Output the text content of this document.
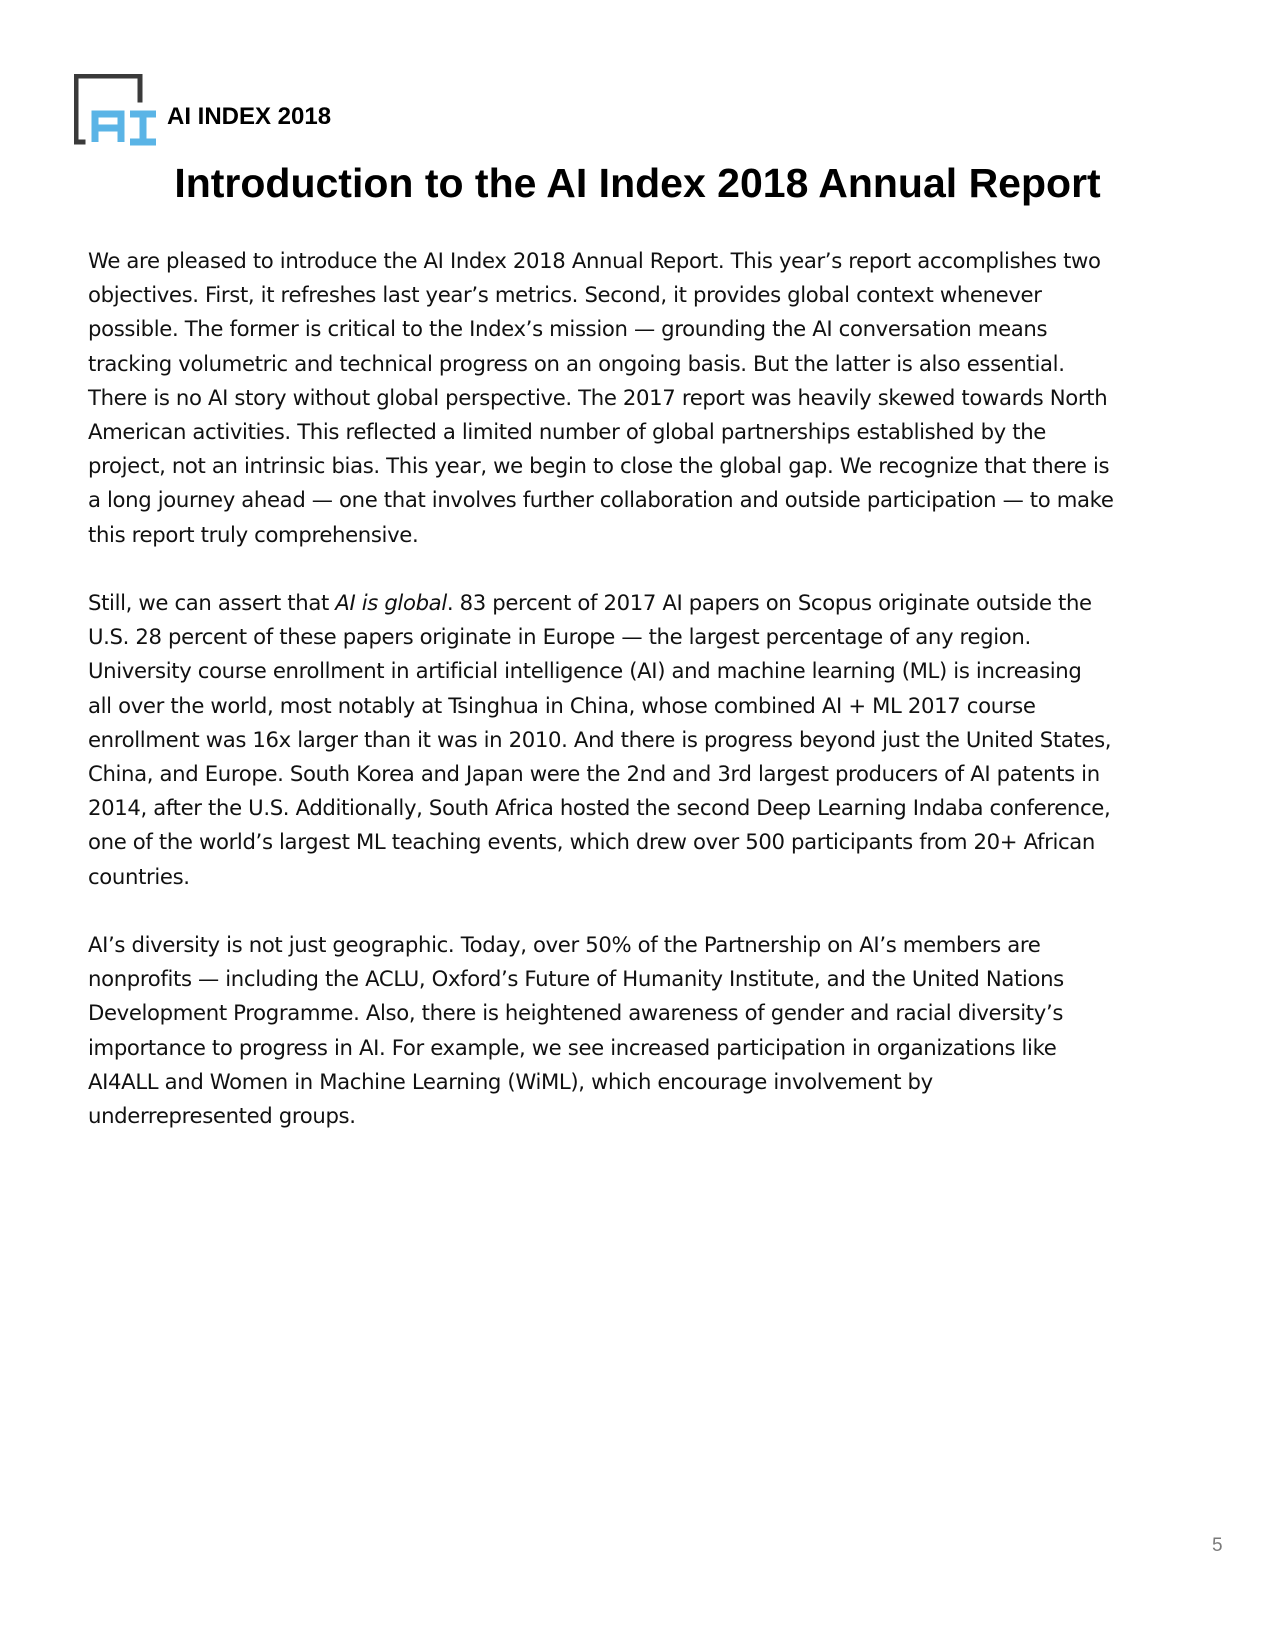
AI INDEX 2018
Introduction to the AI Index 2018 Annual Report

We are pleased to introduce the AI Index 2018 Annual Report. This year’s report accomplishes two
objectives. First, it refreshes last year’s metrics. Second, it provides global context whenever
possible. The former is critical to the Index’s mission — grounding the AI conversation means
tracking volumetric and technical progress on an ongoing basis. But the latter is also essential.
There is no AI story without global perspective. The 2017 report was heavily skewed towards North
American activities. This reflected a limited number of global partnerships established by the
project, not an intrinsic bias. This year, we begin to close the global gap. We recognize that there is
a long journey ahead — one that involves further collaboration and outside participation — to make
this report truly comprehensive.

Still, we can assert that AI is global. 83 percent of 2017 AI papers on Scopus originate outside the
U.S. 28 percent of these papers originate in Europe — the largest percentage of any region.
University course enrollment in artificial intelligence (AI) and machine learning (ML) is increasing
all over the world, most notably at Tsinghua in China, whose combined AI + ML 2017 course
enrollment was 16x larger than it was in 2010. And there is progress beyond just the United States,
China, and Europe. South Korea and Japan were the 2nd and 3rd largest producers of AI patents in
2014, after the U.S. Additionally, South Africa hosted the second Deep Learning Indaba conference,
one of the world’s largest ML teaching events, which drew over 500 participants from 20+ African
countries.

AI’s diversity is not just geographic. Today, over 50% of the Partnership on AI’s members are
nonprofits — including the ACLU, Oxford’s Future of Humanity Institute, and the United Nations
Development Programme. Also, there is heightened awareness of gender and racial diversity’s
importance to progress in AI. For example, we see increased participation in organizations like
AI4ALL and Women in Machine Learning (WiML), which encourage involvement by
underrepresented groups.

5
